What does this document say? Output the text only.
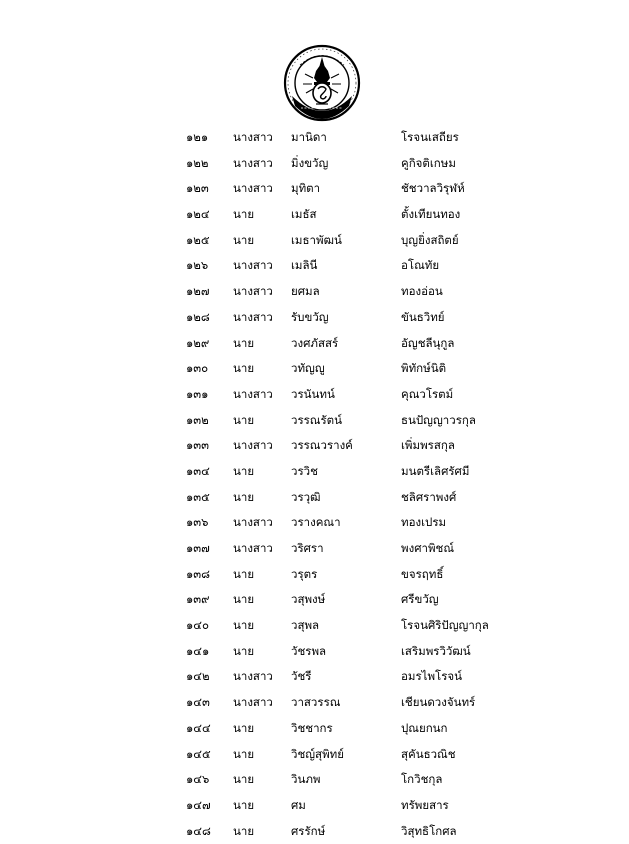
๑๒๑ นางสาว มานิดา	โรจนเสถียร
๑๒๒ นางสาว มิ่งขวัญ	คูกิจติเกษม
๑๒๓ นางสาว มุทิตา	ชัชวาลวิรุฬห์
๑๒๔ นาย	เมธัส	ตั้งเทียนทอง
๑๒๕ นาย	เมธาพัฒน์	บุญยิ่งสถิตย์
๑๒๖ นางสาว เมลินี	อโณทัย
๑๒๗ นางสาว ยศมล	ทองอ่อน
๑๒๘ นางสาว รับขวัญ	ขันธวิทย์
๑๒๙ นาย	วงศภัสสร์	อัญชลีนุกูล
๑๓๐ นาย	วทัญญู	พิทักษ์นิติ
๑๓๑ นางสาว วรนันทน์	คุณวโรตม์
๑๓๒ นาย	วรรณรัตน์	ธนปัญญาวรกุล
๑๓๓ นางสาว วรรณวรางค์	เพิ่มพรสกุล
๑๓๔ นาย	วรวิช	มนตรีเลิศรัศมี
๑๓๕ นาย	วรวุฒิ	ชลิศราพงศ์
๑๓๖ นางสาว วรางคณา	ทองเปรม
๑๓๗ นางสาว วริศรา	พงศาพิชณ์
๑๓๘ นาย	วรุตร	ขจรฤทธิ์
๑๓๙ นาย	วสุพงษ์	ศรีขวัญ
๑๔๐ นาย	วสุพล	โรจนศิริปัญญากุล
๑๔๑ นาย	วัชรพล	เสริมพรวิวัฒน์
๑๔๒ นางสาว วัชรี	อมรไพโรจน์
๑๔๓ นางสาว วาสวรรณ	เชียนดวงจันทร์
๑๔๔ นาย	วิชชากร	ปุณยกนก
๑๔๕ นาย	วิชญ์สุพิทย์	สุคันธวณิช
๑๔๖ นาย	วินภพ	โกวิชกุล
๑๔๗ นาย	ศม	ทรัพยสาร
๑๔๘ นาย	ศรรักษ์	วิสุทธิโกศล
